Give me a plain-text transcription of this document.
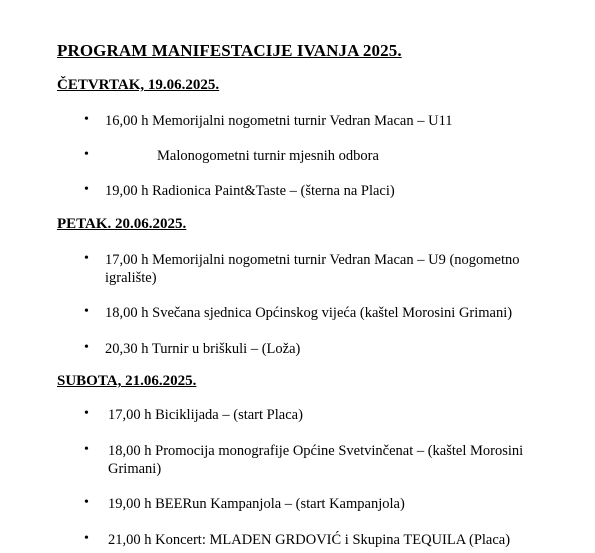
PROGRAM MANIFESTACIJE IVANJA 2025.
ČETVRTAK, 19.06.2025.
• 16,00 h Memorijalni nogometni turnir Vedran Macan – U11
•	Malonogometni turnir mjesnih odbora
• 19,00 h Radionica Paint&Taste – (šterna na Placi)
PETAK. 20.06.2025.
• 17,00 h Memorijalni nogometni turnir Vedran Macan – U9 (nogometno igralište)
• 18,00 h Svečana sjednica Općinskog vijeća (kaštel Morosini Grimani)
• 20,30 h Turnir u briškuli – (Loža)
SUBOTA, 21.06.2025.
• 17,00 h Biciklijada – (start Placa)
• 18,00 h Promocija monografije Općine Svetvinčenat – (kaštel Morosini Grimani)
• 19,00 h BEERun Kampanjola – (start Kampanjola)
• 21,00 h Koncert: MLADEN GRDOVIĆ i Skupina TEQUILA (Placa)
